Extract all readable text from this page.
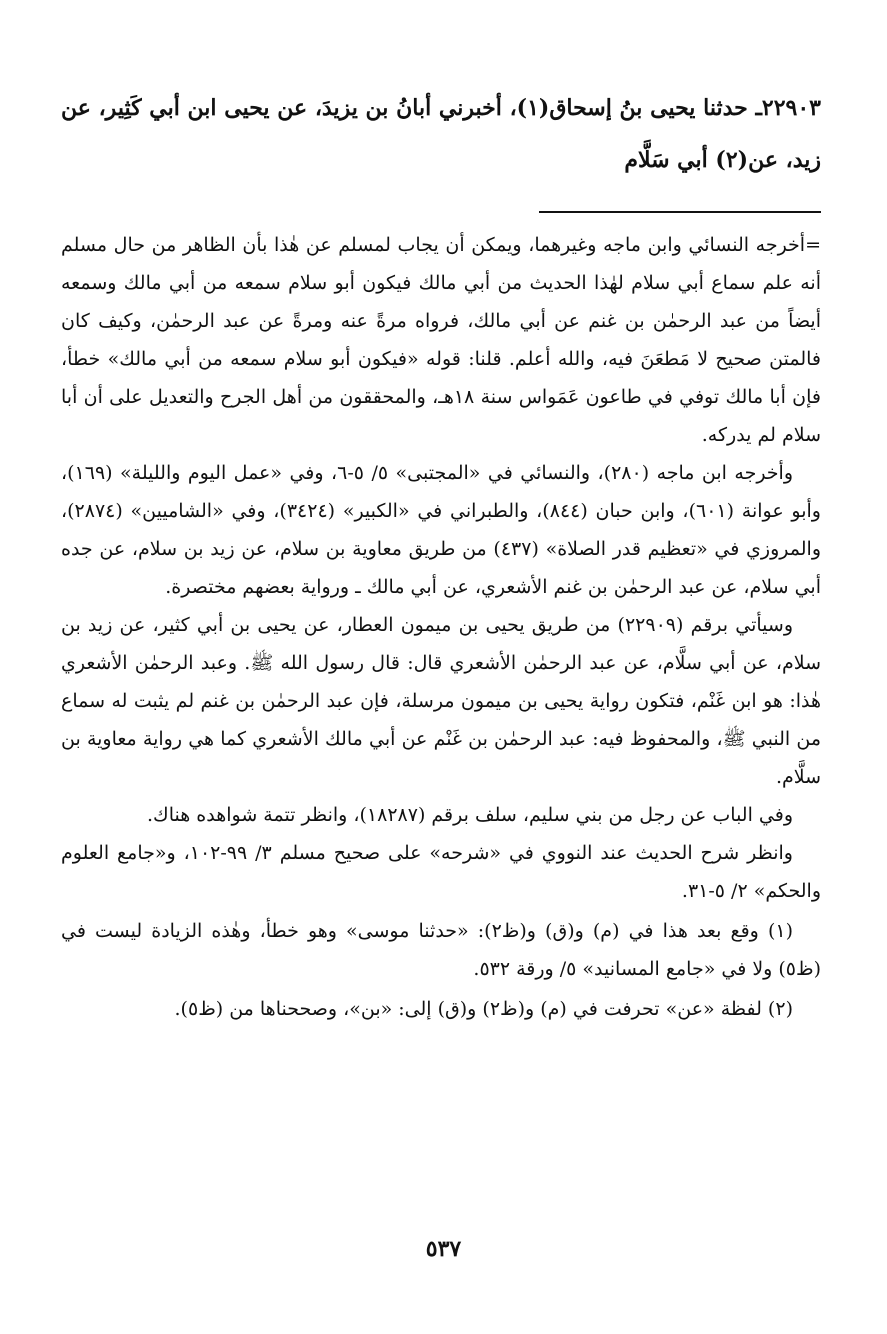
٢٢٩٠٣ـ حدثنا يحيى بنُ إسحاق(١)، أخبرني أبانُ بن يزيدَ، عن يحيى ابن أبي كَثِير، عن زيد، عن(٢) أبي سَلَّام

=أخرجه النسائي وابن ماجه وغيرهما، ويمكن أن يجاب لمسلم عن هٰذا بأن الظاهر من حال مسلم أنه علم سماع أبي سلام لهٰذا الحديث من أبي مالك فيكون أبو سلام سمعه من أبي مالك وسمعه أيضاً من عبد الرحمٰن بن غنم عن أبي مالك، فرواه مرةً عنه ومرةً عن عبد الرحمٰن، وكيف كان فالمتن صحيح لا مَطعَنَ فيه، والله أعلم. قلنا: قوله «فيكون أبو سلام سمعه من أبي مالك» خطأ، فإن أبا مالك توفي في طاعون عَمَواس سنة ١٨هـ، والمحققون من أهل الجرح والتعديل على أن أبا سلام لم يدركه.

وأخرجه ابن ماجه (٢٨٠)، والنسائي في «المجتبى» ٥/ ٥-٦، وفي «عمل اليوم والليلة» (١٦٩)، وأبو عوانة (٦٠١)، وابن حبان (٨٤٤)، والطبراني في «الكبير» (٣٤٢٤)، وفي «الشاميين» (٢٨٧٤)، والمروزي في «تعظيم قدر الصلاة» (٤٣٧) من طريق معاوية بن سلام، عن زيد بن سلام، عن جده أبي سلام، عن عبد الرحمٰن بن غنم الأشعري، عن أبي مالك ـ ورواية بعضهم مختصرة.

وسيأتي برقم (٢٢٩٠٩) من طريق يحيى بن ميمون العطار، عن يحيى بن أبي كثير، عن زيد بن سلام، عن أبي سلَّام، عن عبد الرحمٰن الأشعري قال: قال رسول الله ﷺ. وعبد الرحمٰن الأشعري هٰذا: هو ابن غَنْم، فتكون رواية يحيى بن ميمون مرسلة، فإن عبد الرحمٰن بن غنم لم يثبت له سماع من النبي ﷺ، والمحفوظ فيه: عبد الرحمٰن بن غَنْم عن أبي مالك الأشعري كما هي رواية معاوية بن سلَّام.

وفي الباب عن رجل من بني سليم، سلف برقم (١٨٢٨٧)، وانظر تتمة شواهده هناك.

وانظر شرح الحديث عند النووي في «شرحه» على صحيح مسلم ٣/ ٩٩-١٠٢، و«جامع العلوم والحكم» ٢/ ٥-٣١.

(١) وقع بعد هذا في (م) و(ق) و(ظ٢): «حدثنا موسى» وهو خطأ، وهٰذه الزيادة ليست في (ظ٥) ولا في «جامع المسانيد» ٥/ ورقة ٥٣٢.

(٢) لفظة «عن» تحرفت في (م) و(ظ٢) و(ق) إلى: «بن»، وصححناها من (ظ٥).

٥٣٧
